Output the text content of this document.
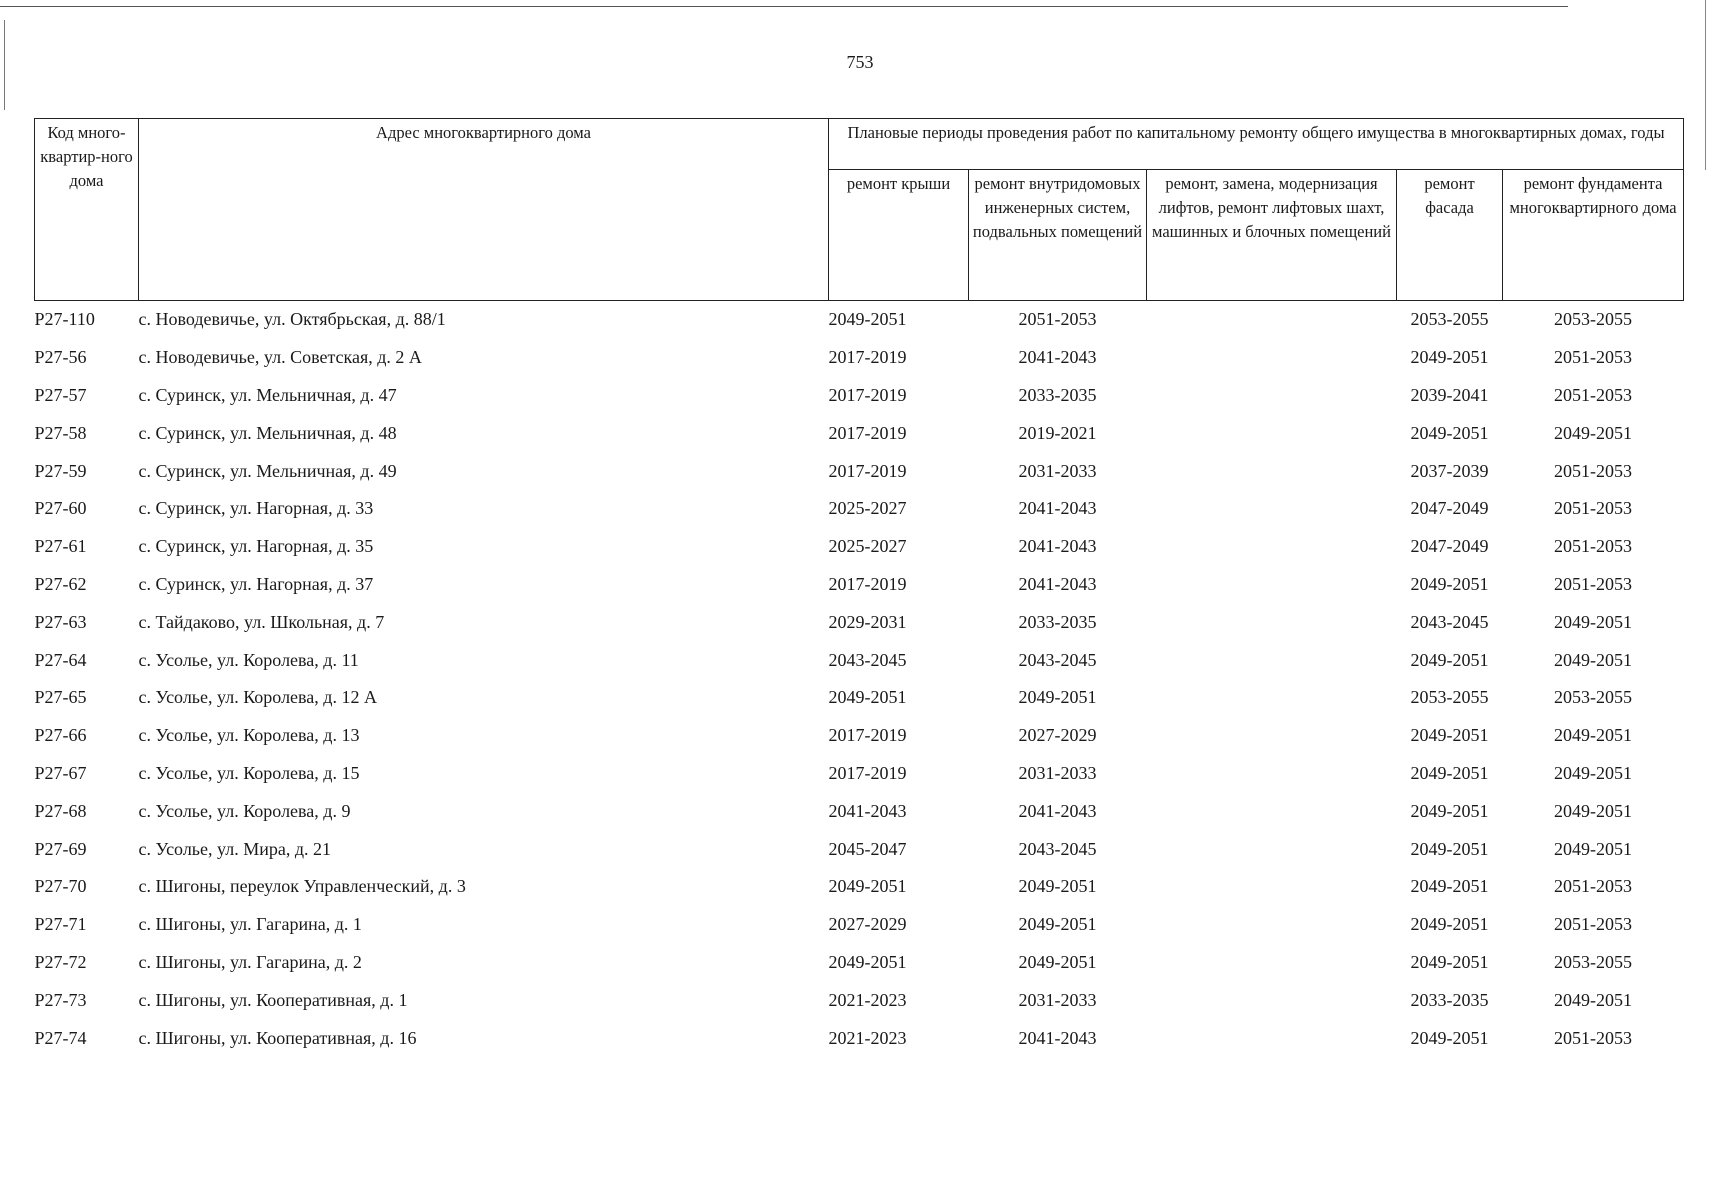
753
Код много-квартир-ного дома	Адрес многоквартирного дома	Плановые периоды проведения работ по капитальному ремонту общего имущества в многоквартирных домах, годы				
		ремонт крыши	ремонт внутридомовых инженерных систем, подвальных помещений	ремонт, замена, модернизация лифтов, ремонт лифтовых шахт, машинных и блочных помещений	ремонт фасада	ремонт фундамента многоквартирного дома
Р27-110	с. Новодевичье, ул. Октябрьская, д. 88/1	2049-2051	2051-2053		2053-2055	2053-2055
Р27-56	с. Новодевичье, ул. Советская, д. 2 А	2017-2019	2041-2043		2049-2051	2051-2053
Р27-57	с. Суринск, ул. Мельничная, д. 47	2017-2019	2033-2035		2039-2041	2051-2053
Р27-58	с. Суринск, ул. Мельничная, д. 48	2017-2019	2019-2021		2049-2051	2049-2051
Р27-59	с. Суринск, ул. Мельничная, д. 49	2017-2019	2031-2033		2037-2039	2051-2053
Р27-60	с. Суринск, ул. Нагорная, д. 33	2025-2027	2041-2043		2047-2049	2051-2053
Р27-61	с. Суринск, ул. Нагорная, д. 35	2025-2027	2041-2043		2047-2049	2051-2053
Р27-62	с. Суринск, ул. Нагорная, д. 37	2017-2019	2041-2043		2049-2051	2051-2053
Р27-63	с. Тайдаково, ул. Школьная, д. 7	2029-2031	2033-2035		2043-2045	2049-2051
Р27-64	с. Усолье, ул. Королева, д. 11	2043-2045	2043-2045		2049-2051	2049-2051
Р27-65	с. Усолье, ул. Королева, д. 12 А	2049-2051	2049-2051		2053-2055	2053-2055
Р27-66	с. Усолье, ул. Королева, д. 13	2017-2019	2027-2029		2049-2051	2049-2051
Р27-67	с. Усолье, ул. Королева, д. 15	2017-2019	2031-2033		2049-2051	2049-2051
Р27-68	с. Усолье, ул. Королева, д. 9	2041-2043	2041-2043		2049-2051	2049-2051
Р27-69	с. Усолье, ул. Мира, д. 21	2045-2047	2043-2045		2049-2051	2049-2051
Р27-70	с. Шигоны, переулок Управленческий, д. 3	2049-2051	2049-2051		2049-2051	2051-2053
Р27-71	с. Шигоны, ул. Гагарина, д. 1	2027-2029	2049-2051		2049-2051	2051-2053
Р27-72	с. Шигоны, ул. Гагарина, д. 2	2049-2051	2049-2051		2049-2051	2053-2055
Р27-73	с. Шигоны, ул. Кооперативная, д. 1	2021-2023	2031-2033		2033-2035	2049-2051
Р27-74	с. Шигоны, ул. Кооперативная, д. 16	2021-2023	2041-2043		2049-2051	2051-2053
